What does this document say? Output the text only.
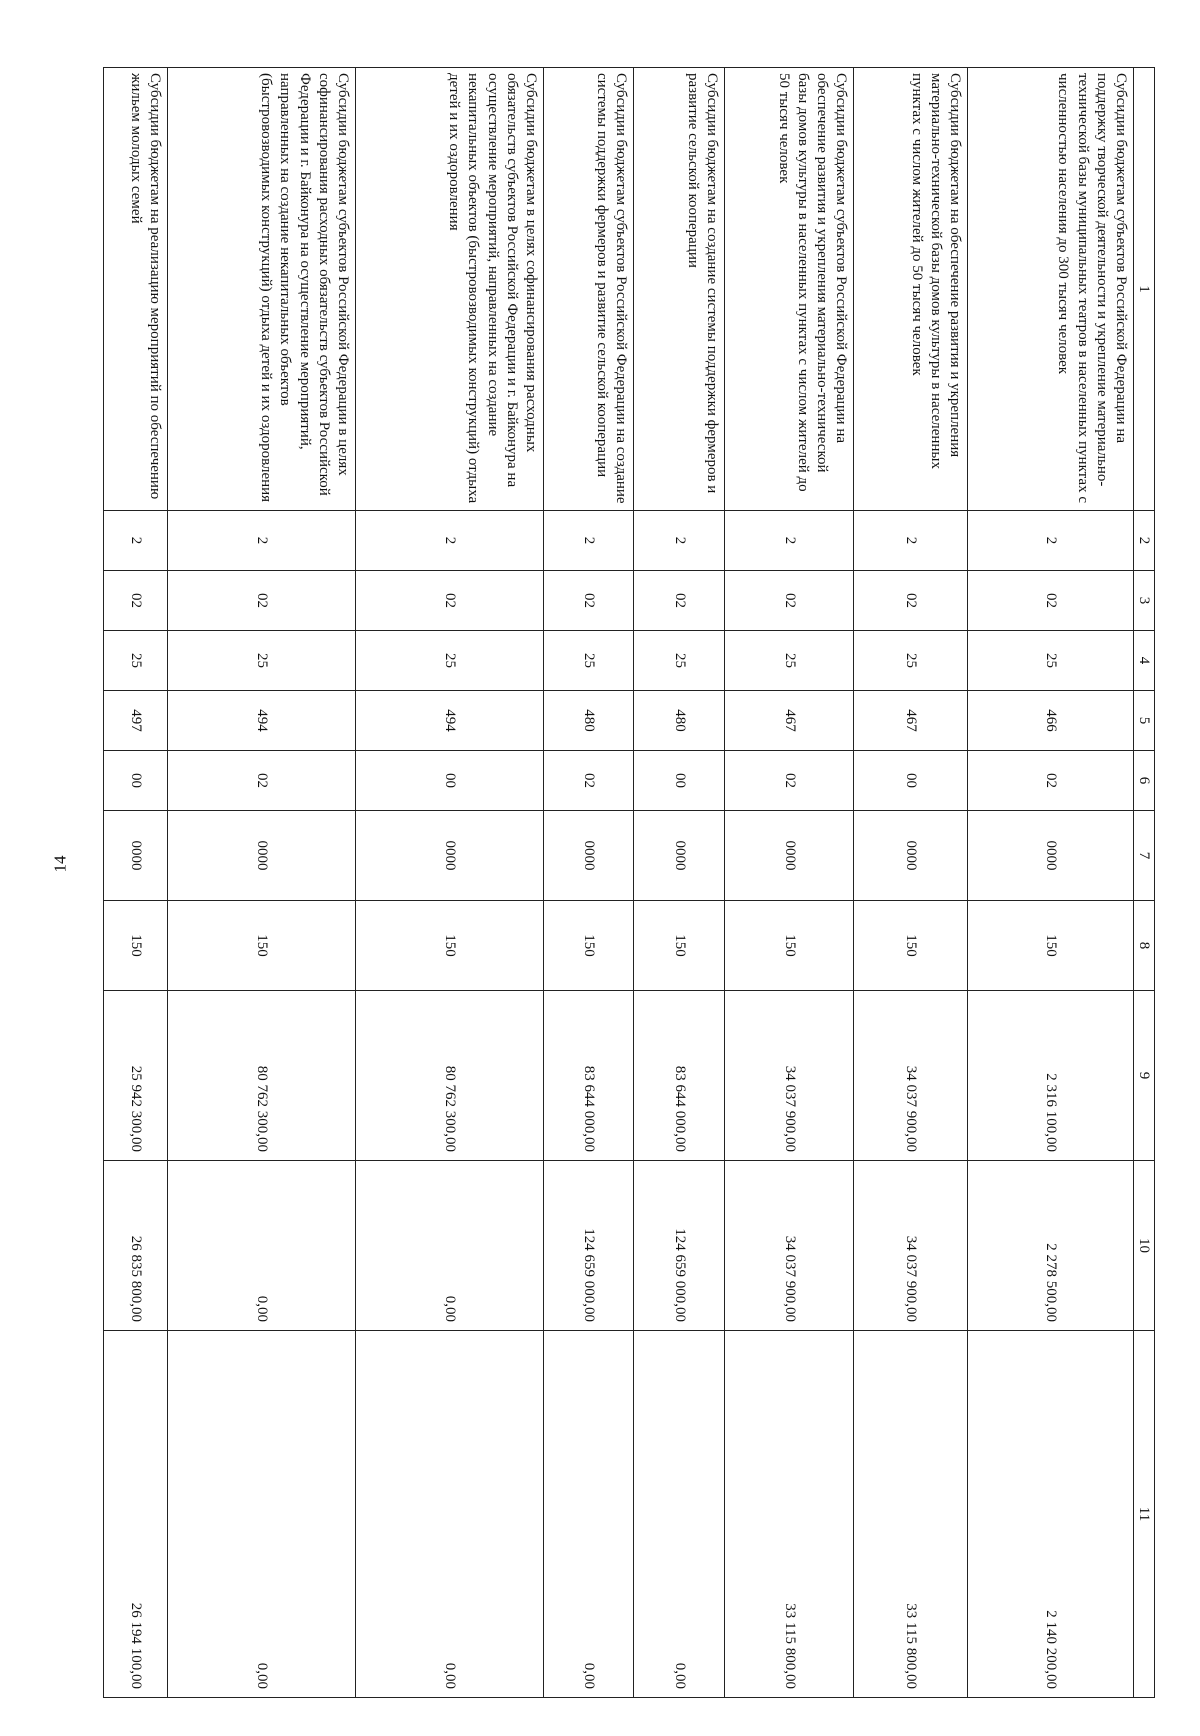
14
1	2	3	4	5	6	7	8	9	10	11
Субсидии бюджетам субъектов Российской Федерации на поддержку творческой деятельности и укрепление материально-технической базы муниципальных театров в населенных пунктах с численностью населения до 300 тысяч человек	2	02	25	466	02	0000	150	2 316 100,00	2 278 500,00	2 140 200,00
Субсидии бюджетам на обеспечение развития и укрепления материально-технической базы домов культуры в населенных пунктах с числом жителей до 50 тысяч человек	2	02	25	467	00	0000	150	34 037 900,00	34 037 900,00	33 115 800,00
Субсидии бюджетам субъектов Российской Федерации на обеспечение развития и укрепления материально-технической базы домов культуры в населенных пунктах с числом жителей до 50 тысяч человек	2	02	25	467	02	0000	150	34 037 900,00	34 037 900,00	33 115 800,00
Субсидии бюджетам на создание системы поддержки фермеров и развитие сельской кооперации	2	02	25	480	00	0000	150	83 644 000,00	124 659 000,00	0,00
Субсидии бюджетам субъектов Российской Федерации на создание системы поддержки фермеров и развитие сельской кооперации	2	02	25	480	02	0000	150	83 644 000,00	124 659 000,00	0,00
Субсидии бюджетам в целях софинансирования расходных обязательств субъектов Российской Федерации и г. Байконура на осуществление мероприятий, направленных на создание некапитальных объектов (быстровозводимых конструкций) отдыха детей и их оздоровления	2	02	25	494	00	0000	150	80 762 300,00	0,00	0,00
Субсидии бюджетам субъектов Российской Федерации в целях софинансирования расходных обязательств субъектов Российской Федерации и г. Байконура на осуществление мероприятий, направленных на создание некапитальных объектов (быстровозводимых конструкций) отдыха детей и их оздоровления	2	02	25	494	02	0000	150	80 762 300,00	0,00	0,00
Субсидии бюджетам на реализацию мероприятий по обеспечению жильем молодых семей	2	02	25	497	00	0000	150	25 942 300,00	26 835 800,00	26 194 100,00
